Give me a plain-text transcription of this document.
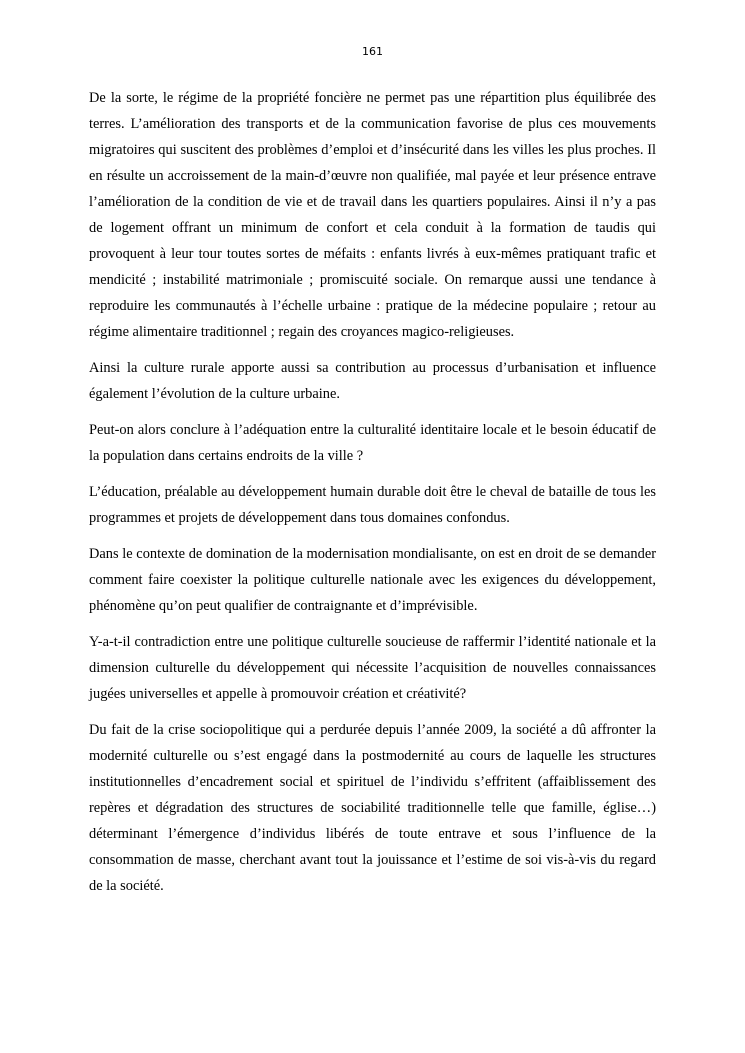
161

De la sorte, le régime de la propriété foncière ne permet pas une répartition plus équilibrée des terres. L’amélioration des transports et de la communication favorise de plus ces mouvements migratoires qui suscitent des problèmes d’emploi et d’insécurité dans les villes les plus proches. Il en résulte un accroissement de la main-d’œuvre non qualifiée, mal payée et leur présence entrave l’amélioration de la condition de vie et de travail dans les quartiers populaires. Ainsi il n’y a pas de logement offrant un minimum de confort et cela conduit à la formation de taudis qui provoquent à leur tour toutes sortes de méfaits : enfants livrés à eux-mêmes pratiquant trafic et mendicité ; instabilité matrimoniale ; promiscuité sociale. On remarque aussi une tendance à reproduire les communautés à l’échelle urbaine : pratique de la médecine populaire ; retour au régime alimentaire traditionnel ; regain des croyances magico-religieuses.

Ainsi la culture rurale apporte aussi sa contribution au processus d’urbanisation et influence également l’évolution de la culture urbaine.

Peut-on alors conclure à l’adéquation entre la culturalité identitaire locale et le besoin éducatif de la population dans certains endroits de la ville ?

L’éducation, préalable au développement humain durable doit être le cheval de bataille de tous les programmes et projets de développement dans tous domaines confondus.

Dans le contexte de domination de la modernisation mondialisante, on est en droit de se demander comment faire coexister la politique culturelle nationale avec les exigences du développement, phénomène qu’on peut qualifier de contraignante et d’imprévisible.

Y-a-t-il contradiction entre une politique culturelle soucieuse de raffermir l’identité nationale et la dimension culturelle du développement qui nécessite l’acquisition de nouvelles connaissances jugées universelles et appelle à promouvoir création et créativité?

Du fait de la crise sociopolitique qui a perdurée depuis l’année 2009, la société a dû affronter la modernité culturelle ou s’est engagé dans la postmodernité au cours de laquelle les structures institutionnelles d’encadrement social et spirituel de l’individu s’effritent (affaiblissement des repères et dégradation des structures de sociabilité traditionnelle telle que famille, église…) déterminant l’émergence d’individus libérés de toute entrave et sous l’influence de la consommation de masse, cherchant avant tout la jouissance et l’estime de soi vis-à-vis du regard de la société.
